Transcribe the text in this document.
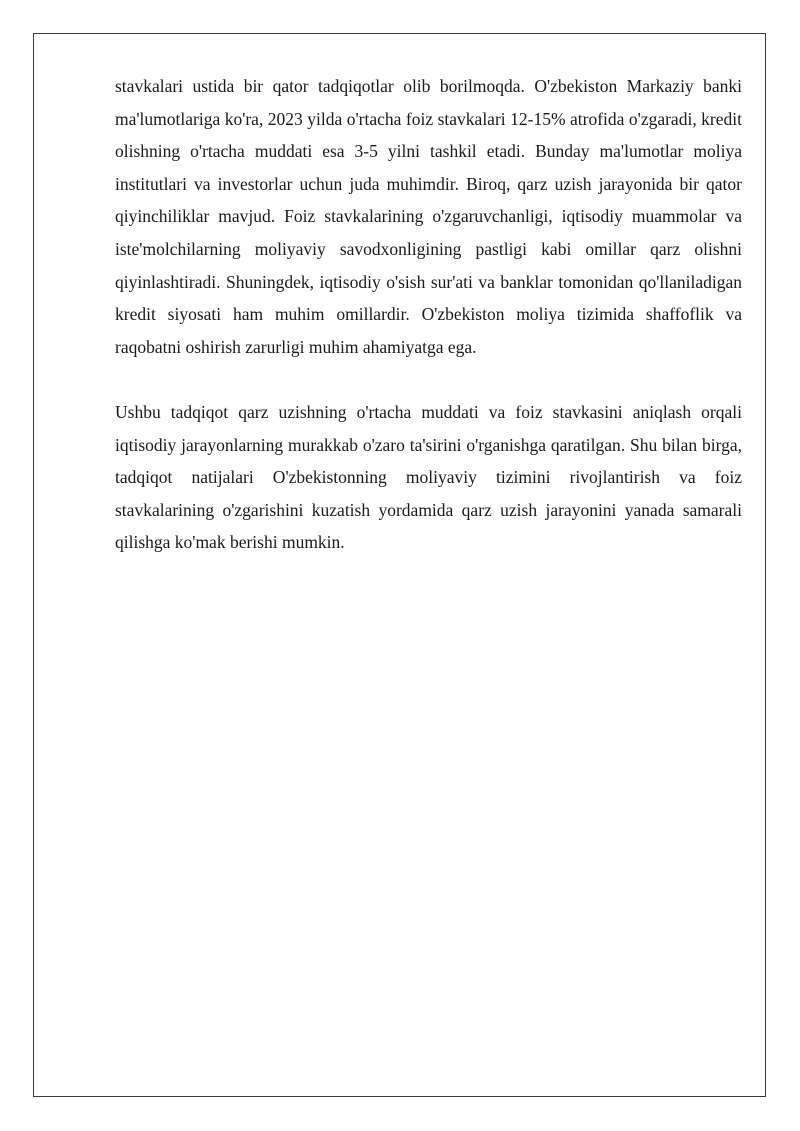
stavkalari ustida bir qator tadqiqotlar olib borilmoqda. O'zbekiston Markaziy banki ma'lumotlariga ko'ra, 2023 yilda o'rtacha foiz stavkalari 12-15% atrofida o'zgaradi, kredit olishning o'rtacha muddati esa 3-5 yilni tashkil etadi. Bunday ma'lumotlar moliya institutlari va investorlar uchun juda muhimdir. Biroq, qarz uzish jarayonida bir qator qiyinchiliklar mavjud. Foiz stavkalarining o'zgaruvchanligi, iqtisodiy muammolar va iste'molchilarning moliyaviy savodxonligining pastligi kabi omillar qarz olishni qiyinlashtiradi. Shuningdek, iqtisodiy o'sish sur'ati va banklar tomonidan qo'llaniladigan kredit siyosati ham muhim omillardir. O'zbekiston moliya tizimida shaffoflik va raqobatni oshirish zarurligi muhim ahamiyatga ega.

Ushbu tadqiqot qarz uzishning o'rtacha muddati va foiz stavkasini aniqlash orqali iqtisodiy jarayonlarning murakkab o'zaro ta'sirini o'rganishga qaratilgan. Shu bilan birga, tadqiqot natijalari O'zbekistonning moliyaviy tizimini rivojlantirish va foiz stavkalarining o'zgarishini kuzatish yordamida qarz uzish jarayonini yanada samarali qilishga ko'mak berishi mumkin.
